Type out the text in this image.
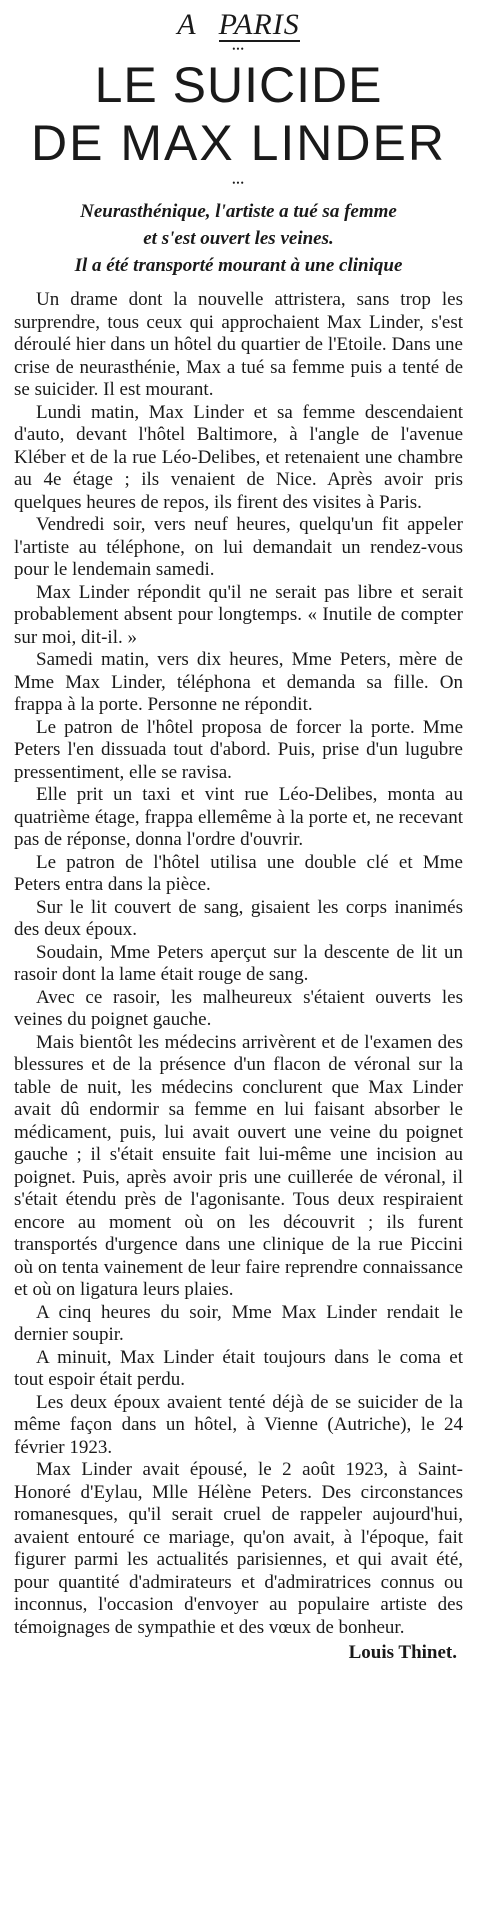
A PARIS
•••
LE SUICIDE
DE MAX LINDER
•••
Neurasthénique, l'artiste a tué sa femme
et s'est ouvert les veines.
Il a été transporté mourant à une clinique

Un drame dont la nouvelle attristera, sans trop les surprendre, tous ceux qui approchaient Max Linder, s'est déroulé hier dans un hôtel du quartier de l'Etoile. Dans une crise de neurasthénie, Max a tué sa femme puis a tenté de se suicider. Il est mourant.

Lundi matin, Max Linder et sa femme descendaient d'auto, devant l'hôtel Baltimore, à l'angle de l'avenue Kléber et de la rue Léo-Delibes, et retenaient une chambre au 4e étage ; ils venaient de Nice. Après avoir pris quelques heures de repos, ils firent des visites à Paris.

Vendredi soir, vers neuf heures, quelqu'un fit appeler l'artiste au téléphone, on lui demandait un rendez-vous pour le lendemain samedi.

Max Linder répondit qu'il ne serait pas libre et serait probablement absent pour longtemps. « Inutile de compter sur moi, dit-il. »

Samedi matin, vers dix heures, Mme Peters, mère de Mme Max Linder, téléphona et demanda sa fille. On frappa à la porte. Personne ne répondit.

Le patron de l'hôtel proposa de forcer la porte. Mme Peters l'en dissuada tout d'abord. Puis, prise d'un lugubre pressentiment, elle se ravisa.

Elle prit un taxi et vint rue Léo-Delibes, monta au quatrième étage, frappa ellemême à la porte et, ne recevant pas de réponse, donna l'ordre d'ouvrir.

Le patron de l'hôtel utilisa une double clé et Mme Peters entra dans la pièce.

Sur le lit couvert de sang, gisaient les corps inanimés des deux époux.

Soudain, Mme Peters aperçut sur la descente de lit un rasoir dont la lame était rouge de sang.

Avec ce rasoir, les malheureux s'étaient ouverts les veines du poignet gauche.

Mais bientôt les médecins arrivèrent et de l'examen des blessures et de la présence d'un flacon de véronal sur la table de nuit, les médecins conclurent que Max Linder avait dû endormir sa femme en lui faisant absorber le médicament, puis, lui avait ouvert une veine du poignet gauche ; il s'était ensuite fait lui-même une incision au poignet. Puis, après avoir pris une cuillerée de véronal, il s'était étendu près de l'agonisante. Tous deux respiraient encore au moment où on les découvrit ; ils furent transportés d'urgence dans une clinique de la rue Piccini où on tenta vainement de leur faire reprendre connaissance et où on ligatura leurs plaies.

A cinq heures du soir, Mme Max Linder rendait le dernier soupir.

A minuit, Max Linder était toujours dans le coma et tout espoir était perdu.

Les deux époux avaient tenté déjà de se suicider de la même façon dans un hôtel, à Vienne (Autriche), le 24 février 1923.

Max Linder avait épousé, le 2 août 1923, à Saint-Honoré d'Eylau, Mlle Hélène Peters. Des circonstances romanesques, qu'il serait cruel de rappeler aujourd'hui, avaient entouré ce mariage, qu'on avait, à l'époque, fait figurer parmi les actualités parisiennes, et qui avait été, pour quantité d'admirateurs et d'admiratrices connus ou inconnus, l'occasion d'envoyer au populaire artiste des témoignages de sympathie et des vœux de bonheur.

Louis Thinet.
